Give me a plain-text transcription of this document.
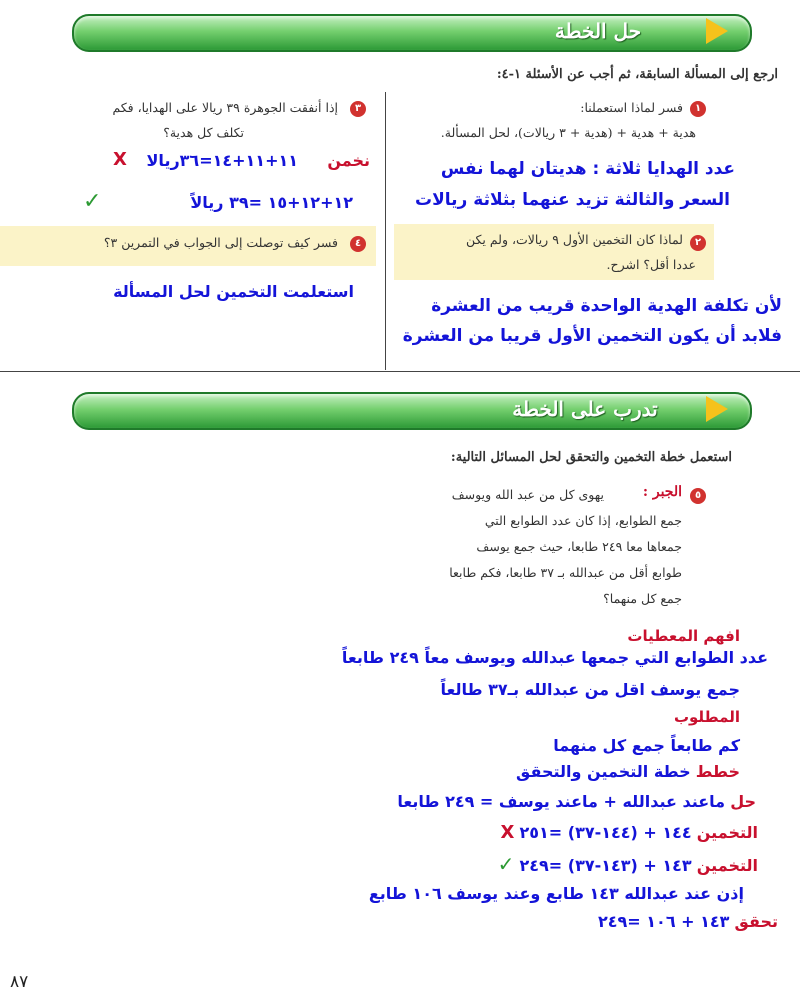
حل الخطة
ارجع إلى المسألة السابقة، ثم أجب عن الأسئلة ١-٤:
١
فسر لماذا استعملنا:
هدية + هدية + (هدية + ٣ ريالات)، لحل المسألة.
عدد الهدايا ثلاثة : هديتان لهما نفس
السعر والثالثة تزيد عنهما بثلاثة ريالات
٢
لماذا كان التخمين الأول ٩ ريالات، ولم يكن
عددا أقل؟ اشرح.
لأن تكلفة الهدية الواحدة قريب من العشرة
فلابد أن يكون التخمين الأول قريبا من العشرة
٣
إذا أنفقت الجوهرة ٣٩ ريالا على الهدايا، فكم
تكلف كل هدية؟
نخمن
١١+١١+١٤=٣٦ريالا
X
١٢+١٢+١٥ =٣٩ ريالاً
✓
٤
فسر كيف توصلت إلى الجواب في التمرين ٣؟
استعلمت التخمين لحل المسألة
تدرب على الخطة
استعمل خطة التخمين والتحقق لحل المسائل التالية:
٥
الجبر :
يهوى كل من عبد الله ويوسف
جمع الطوابع، إذا كان عدد الطوابع التي
جمعاها معا ٢٤٩ طابعا، حيث جمع يوسف
طوابع أقل من عبدالله بـ ٣٧ طابعا، فكم طابعا
جمع كل منهما؟
افهم المعطيات
عدد الطوابع التي جمعها عبدالله ويوسف معاً ٢٤٩ طابعاً
جمع يوسف اقل من عبدالله بـ٣٧ طالعاً
المطلوب
كم طابعاً جمع كل منهما
خطط خطة التخمين والتحقق
حل ماعند عبدالله + ماعند يوسف = ٢٤٩ طابعا
التخمين ١٤٤ + (١٤٤-٣٧) =٢٥١ X
التخمين ١٤٣ + (١٤٣-٣٧) =٢٤٩ ✓
إذن عند عبدالله ١٤٣ طابع وعند يوسف ١٠٦ طابع
تحقق ١٤٣ + ١٠٦ =٢٤٩
٨٧
